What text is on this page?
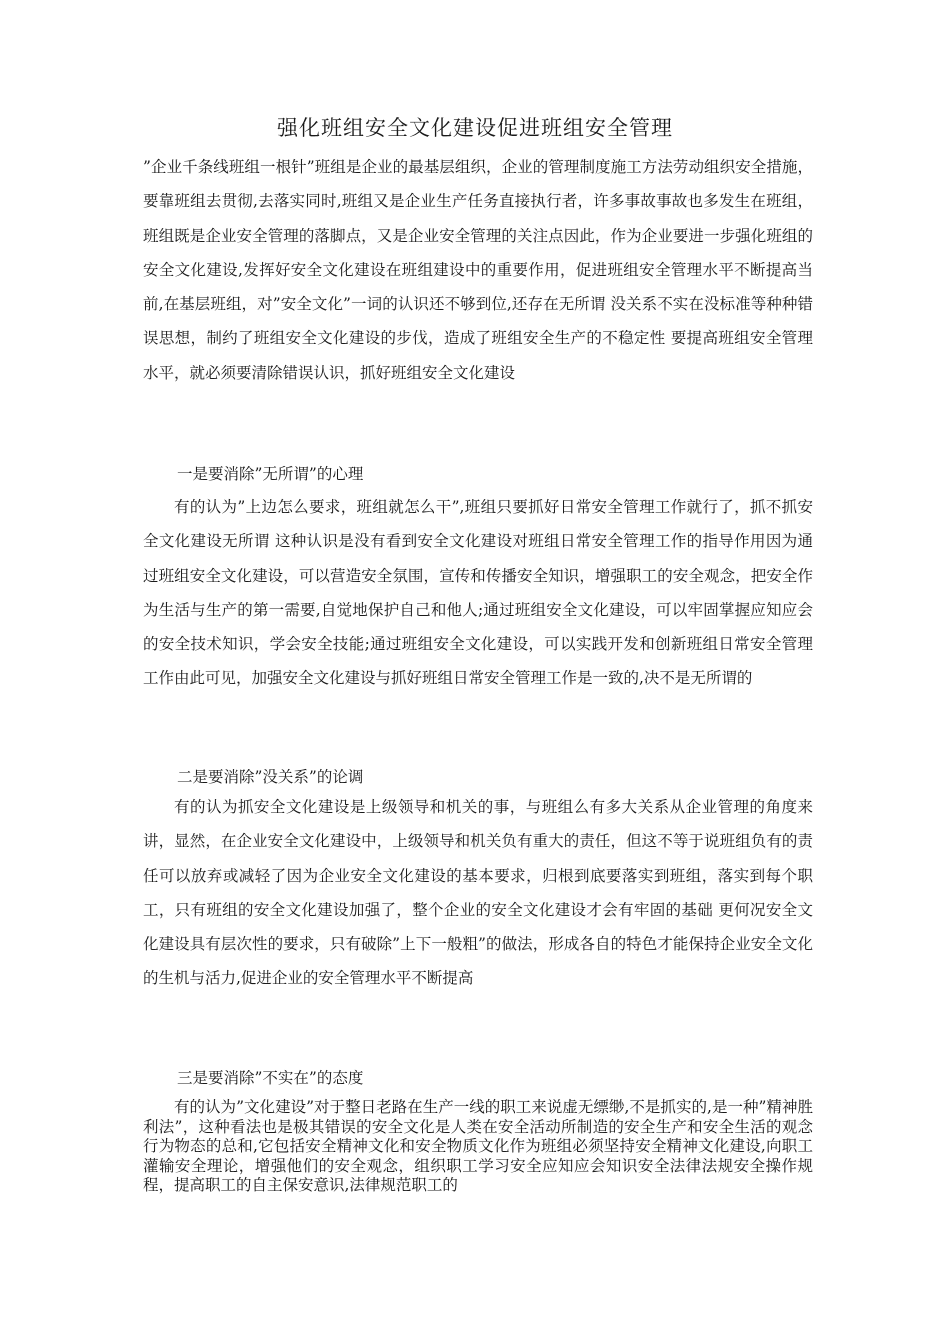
强化班组安全文化建设促进班组安全管理

”企业千条线班组一根针”班组是企业的最基层组织，企业的管理制度施工方法劳动组织安全措施，要靠班组去贯彻,去落实同时,班组又是企业生产任务直接执行者，许多事故事故也多发生在班组，班组既是企业安全管理的落脚点，又是企业安全管理的关注点因此，作为企业要进一步强化班组的安全文化建设,发挥好安全文化建设在班组建设中的重要作用，促进班组安全管理水平不断提高当前,在基层班组，对”安全文化”一词的认识还不够到位,还存在无所谓 没关系不实在没标准等种种错误思想，制约了班组安全文化建设的步伐，造成了班组安全生产的不稳定性 要提高班组安全管理水平，就必须要清除错误认识，抓好班组安全文化建设

一是要消除”无所谓”的心理

有的认为”上边怎么要求，班组就怎么干”,班组只要抓好日常安全管理工作就行了，抓不抓安全文化建设无所谓 这种认识是没有看到安全文化建设对班组日常安全管理工作的指导作用因为通过班组安全文化建设，可以营造安全氛围，宣传和传播安全知识，增强职工的安全观念，把安全作为生活与生产的第一需要,自觉地保护自己和他人;通过班组安全文化建设，可以牢固掌握应知应会的安全技术知识，学会安全技能;通过班组安全文化建设，可以实践开发和创新班组日常安全管理工作由此可见，加强安全文化建设与抓好班组日常安全管理工作是一致的,决不是无所谓的

二是要消除”没关系”的论调

有的认为抓安全文化建设是上级领导和机关的事，与班组么有多大关系从企业管理的角度来讲，显然，在企业安全文化建设中，上级领导和机关负有重大的责任，但这不等于说班组负有的责任可以放弃或减轻了因为企业安全文化建设的基本要求，归根到底要落实到班组，落实到每个职工，只有班组的安全文化建设加强了，整个企业的安全文化建设才会有牢固的基础 更何况安全文化建设具有层次性的要求，只有破除”上下一般粗”的做法，形成各自的特色才能保持企业安全文化的生机与活力,促进企业的安全管理水平不断提高

三是要消除”不实在”的态度

有的认为”文化建设”对于整日老路在生产一线的职工来说虚无缥缈,不是抓实的,是一种”精神胜利法”，这种看法也是极其错误的安全文化是人类在安全活动所制造的安全生产和安全生活的观念行为物态的总和,它包括安全精神文化和安全物质文化作为班组必须坚持安全精神文化建设,向职工灌输安全理论，增强他们的安全观念，组织职工学习安全应知应会知识安全法律法规安全操作规程，提高职工的自主保安意识,法律规范职工的
